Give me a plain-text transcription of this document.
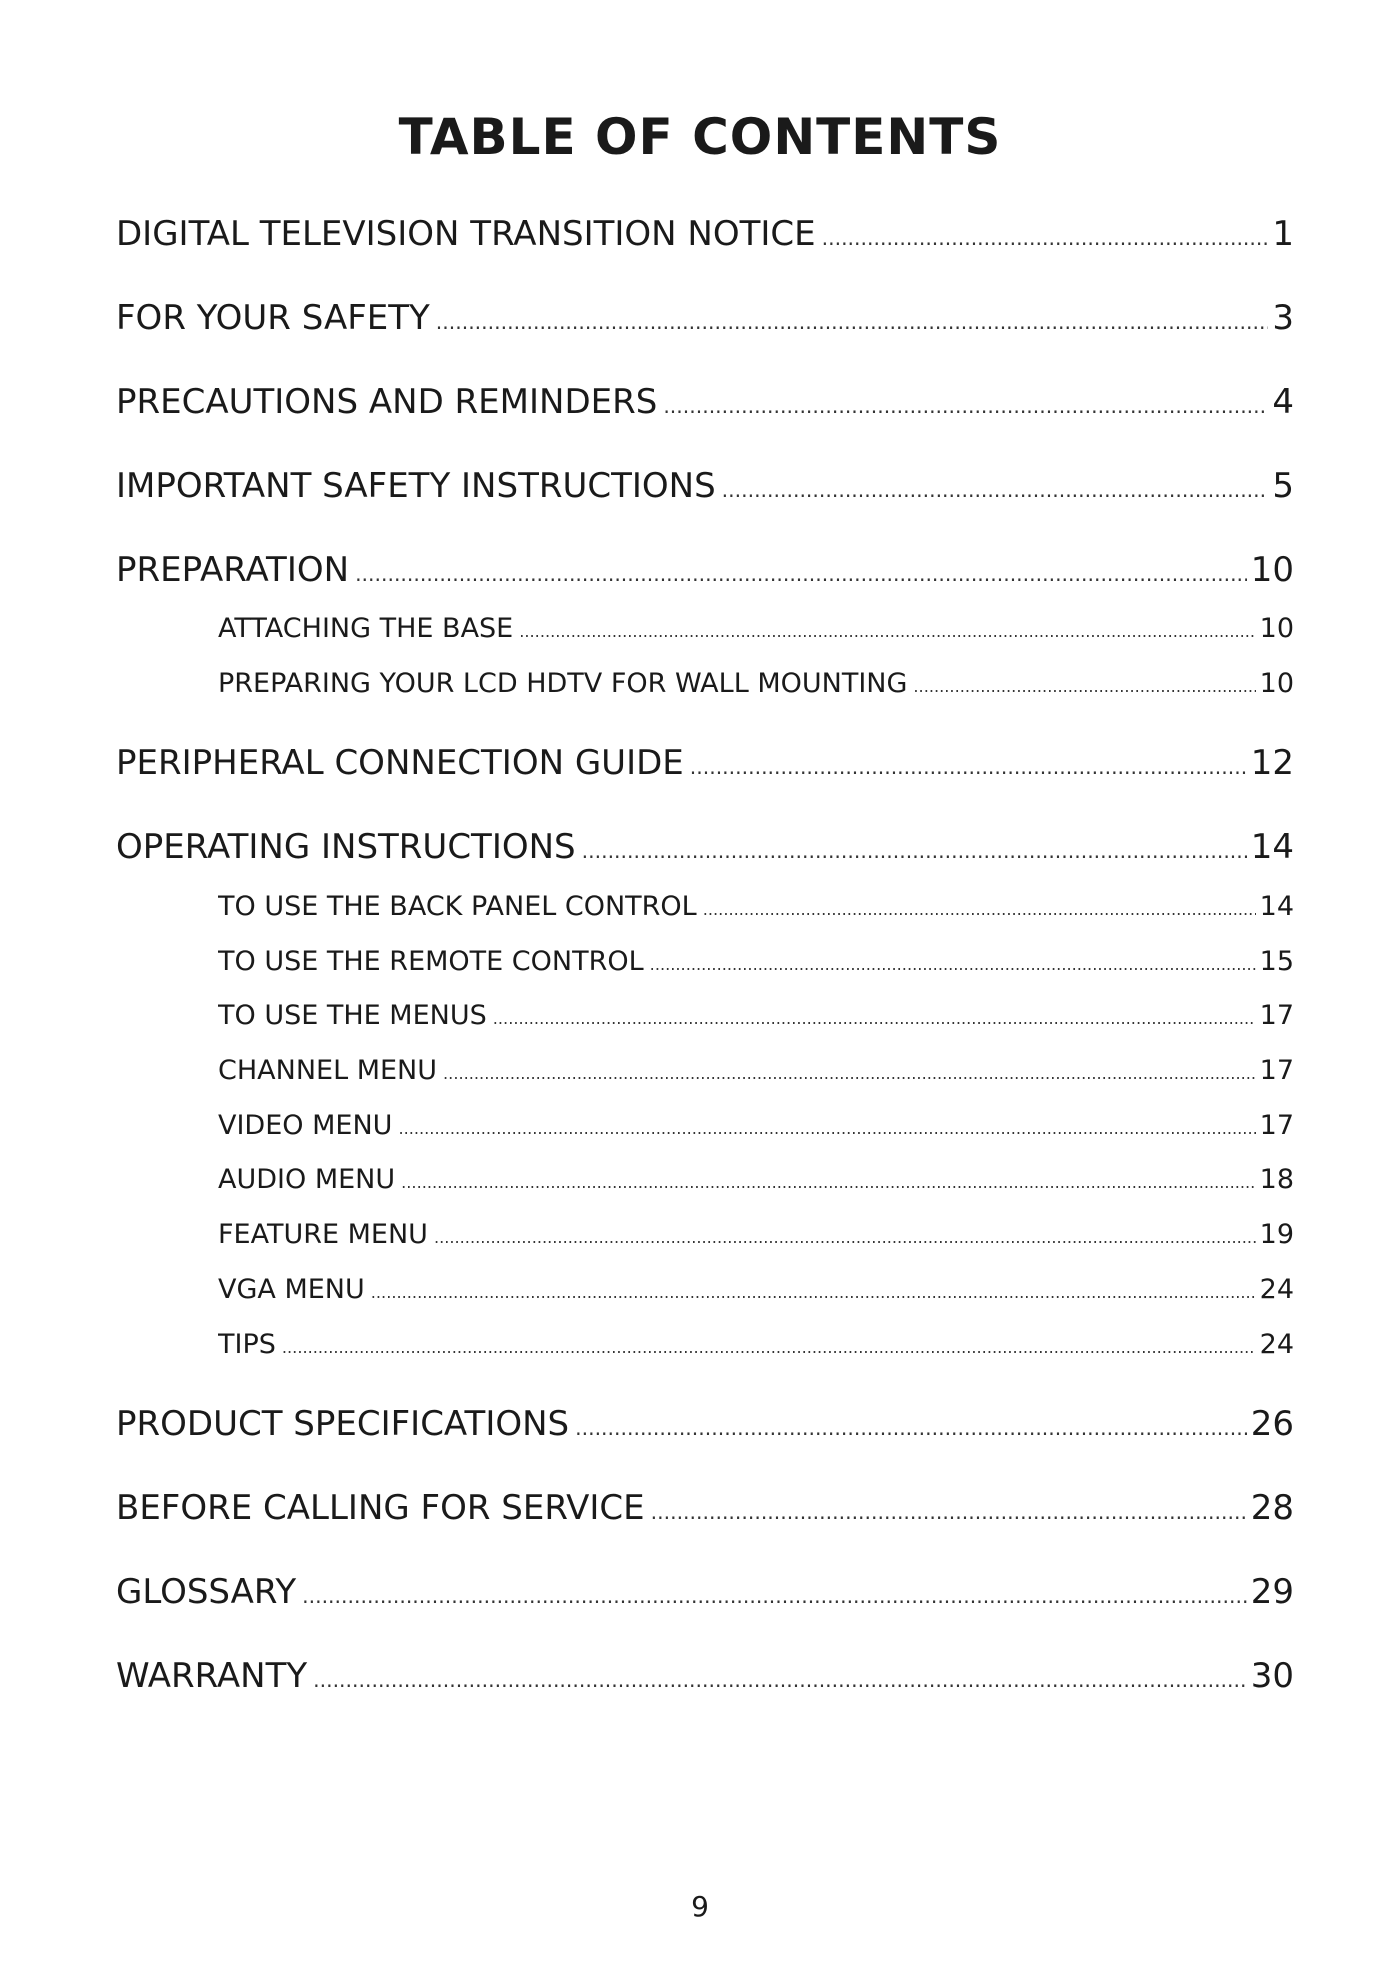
TABLE OF CONTENTS
DIGITAL TELEVISION TRANSITION NOTICE .....	1
FOR YOUR SAFETY .....	3
PRECAUTIONS AND REMINDERS .....	4
IMPORTANT SAFETY INSTRUCTIONS .....	5
PREPARATION .....	10
ATTACHING THE BASE .....	10
PREPARING YOUR LCD HDTV FOR WALL MOUNTING .....	10
PERIPHERAL CONNECTION GUIDE .....	12
OPERATING INSTRUCTIONS .....	14
TO USE THE BACK PANEL CONTROL .....	14
TO USE THE REMOTE CONTROL .....	15
TO USE THE MENUS .....	17
CHANNEL MENU .....	17
VIDEO MENU .....	17
AUDIO MENU .....	18
FEATURE MENU .....	19
VGA MENU .....	24
TIPS .....	24
PRODUCT SPECIFICATIONS .....	26
BEFORE CALLING FOR SERVICE .....	28
GLOSSARY .....	29
WARRANTY .....	30
9
